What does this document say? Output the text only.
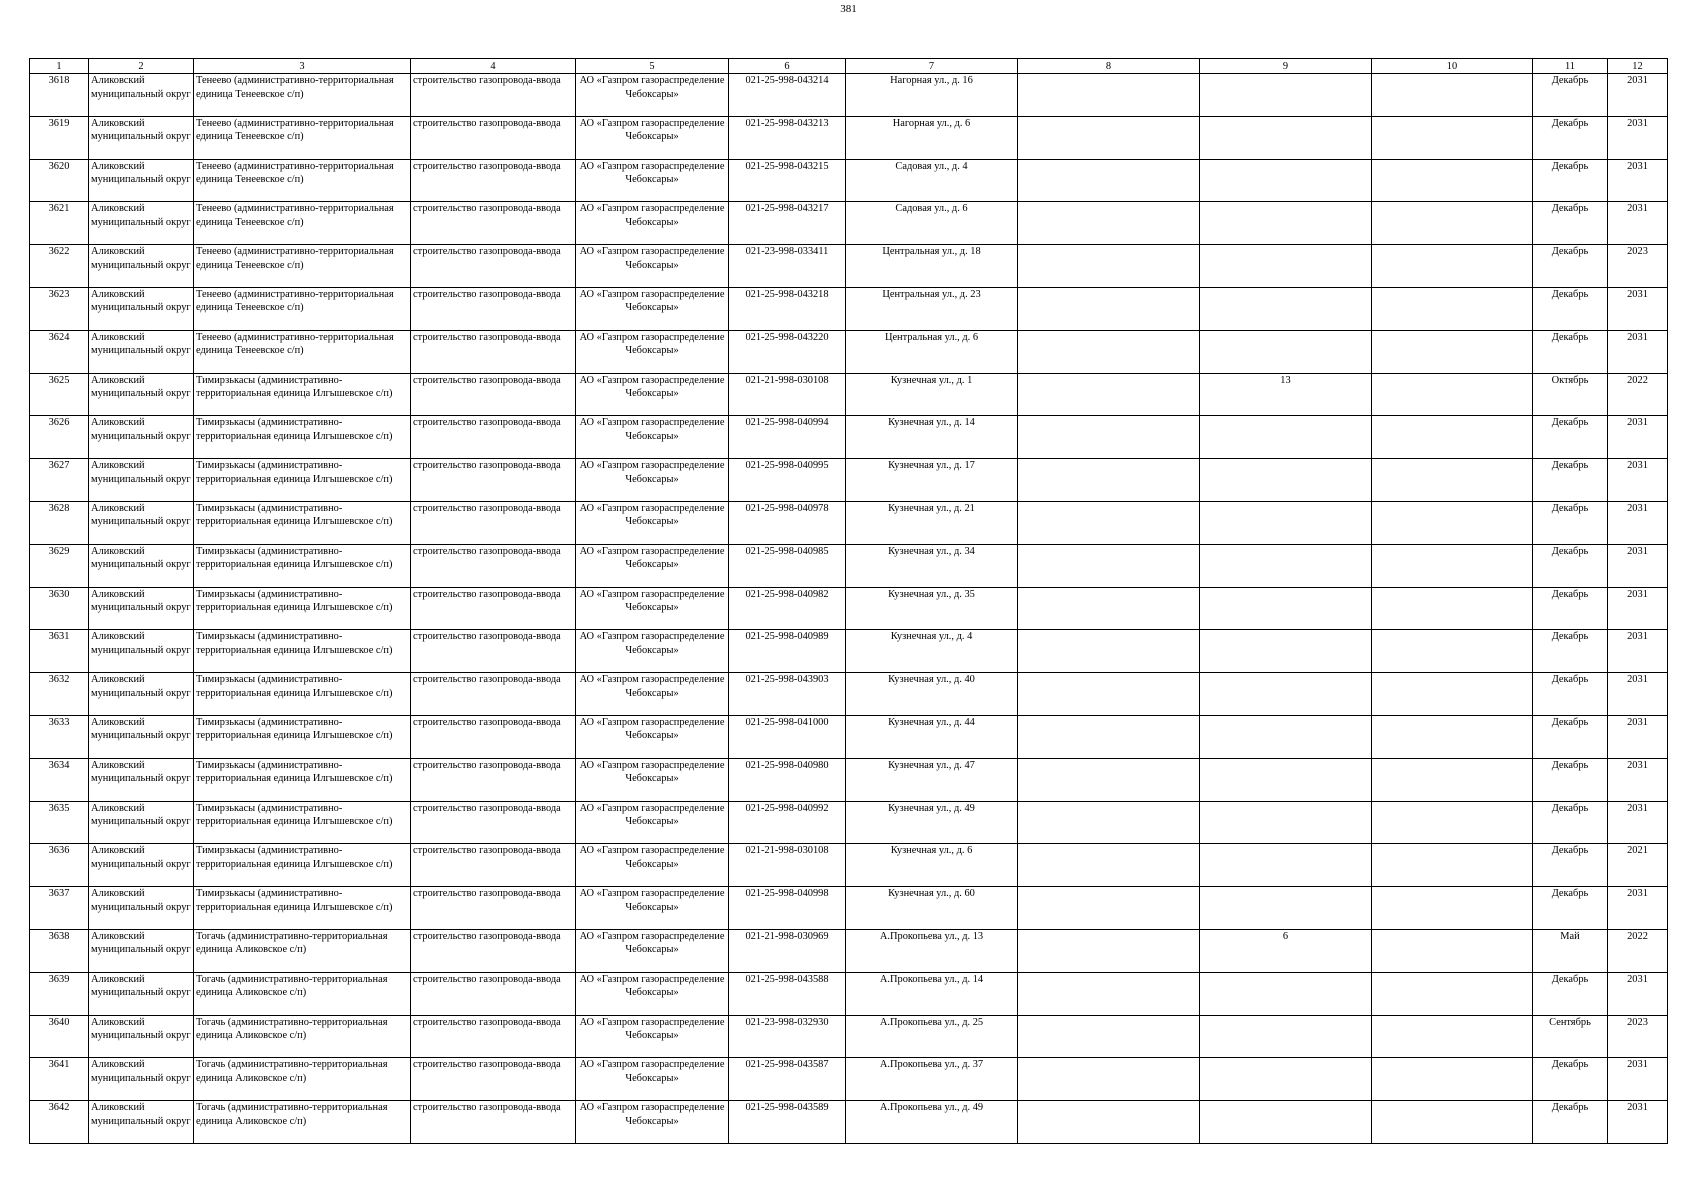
381
1	2	3	4	5	6	7	8	9	10	11	12

3618	Аликовский муниципальный округ	Тенеево (административно-территориальная единица Тенеевское с/п)	строительство газопровода-ввода	АО «Газпром газораспределение Чебоксары»	021-25-998-043214	Нагорная ул., д. 16				Декабрь	2031

3619	Аликовский муниципальный округ	Тенеево (административно-территориальная единица Тенеевское с/п)	строительство газопровода-ввода	АО «Газпром газораспределение Чебоксары»	021-25-998-043213	Нагорная ул., д. 6				Декабрь	2031

3620	Аликовский муниципальный округ	Тенеево (административно-территориальная единица Тенеевское с/п)	строительство газопровода-ввода	АО «Газпром газораспределение Чебоксары»	021-25-998-043215	Садовая ул., д. 4				Декабрь	2031

3621	Аликовский муниципальный округ	Тенеево (административно-территориальная единица Тенеевское с/п)	строительство газопровода-ввода	АО «Газпром газораспределение Чебоксары»	021-25-998-043217	Садовая ул., д. 6				Декабрь	2031

3622	Аликовский муниципальный округ	Тенеево (административно-территориальная единица Тенеевское с/п)	строительство газопровода-ввода	АО «Газпром газораспределение Чебоксары»	021-23-998-033411	Центральная ул., д. 18				Декабрь	2023

3623	Аликовский муниципальный округ	Тенеево (административно-территориальная единица Тенеевское с/п)	строительство газопровода-ввода	АО «Газпром газораспределение Чебоксары»	021-25-998-043218	Центральная ул., д. 23				Декабрь	2031

3624	Аликовский муниципальный округ	Тенеево (административно-территориальная единица Тенеевское с/п)	строительство газопровода-ввода	АО «Газпром газораспределение Чебоксары»	021-25-998-043220	Центральная ул., д. 6				Декабрь	2031

3625	Аликовский муниципальный округ	Тимирзькасы (административно-территориальная единица Илгышевское с/п)	строительство газопровода-ввода	АО «Газпром газораспределение Чебоксары»	021-21-998-030108	Кузнечная ул., д. 1		13		Октябрь	2022

3626	Аликовский муниципальный округ	Тимирзькасы (административно-территориальная единица Илгышевское с/п)	строительство газопровода-ввода	АО «Газпром газораспределение Чебоксары»	021-25-998-040994	Кузнечная ул., д. 14				Декабрь	2031

3627	Аликовский муниципальный округ	Тимирзькасы (административно-территориальная единица Илгышевское с/п)	строительство газопровода-ввода	АО «Газпром газораспределение Чебоксары»	021-25-998-040995	Кузнечная ул., д. 17				Декабрь	2031

3628	Аликовский муниципальный округ	Тимирзькасы (административно-территориальная единица Илгышевское с/п)	строительство газопровода-ввода	АО «Газпром газораспределение Чебоксары»	021-25-998-040978	Кузнечная ул., д. 21				Декабрь	2031

3629	Аликовский муниципальный округ	Тимирзькасы (административно-территориальная единица Илгышевское с/п)	строительство газопровода-ввода	АО «Газпром газораспределение Чебоксары»	021-25-998-040985	Кузнечная ул., д. 34				Декабрь	2031

3630	Аликовский муниципальный округ	Тимирзькасы (административно-территориальная единица Илгышевское с/п)	строительство газопровода-ввода	АО «Газпром газораспределение Чебоксары»	021-25-998-040982	Кузнечная ул., д. 35				Декабрь	2031

3631	Аликовский муниципальный округ	Тимирзькасы (административно-территориальная единица Илгышевское с/п)	строительство газопровода-ввода	АО «Газпром газораспределение Чебоксары»	021-25-998-040989	Кузнечная ул., д. 4				Декабрь	2031

3632	Аликовский муниципальный округ	Тимирзькасы (административно-территориальная единица Илгышевское с/п)	строительство газопровода-ввода	АО «Газпром газораспределение Чебоксары»	021-25-998-043903	Кузнечная ул., д. 40				Декабрь	2031

3633	Аликовский муниципальный округ	Тимирзькасы (административно-территориальная единица Илгышевское с/п)	строительство газопровода-ввода	АО «Газпром газораспределение Чебоксары»	021-25-998-041000	Кузнечная ул., д. 44				Декабрь	2031

3634	Аликовский муниципальный округ	Тимирзькасы (административно-территориальная единица Илгышевское с/п)	строительство газопровода-ввода	АО «Газпром газораспределение Чебоксары»	021-25-998-040980	Кузнечная ул., д. 47				Декабрь	2031

3635	Аликовский муниципальный округ	Тимирзькасы (административно-территориальная единица Илгышевское с/п)	строительство газопровода-ввода	АО «Газпром газораспределение Чебоксары»	021-25-998-040992	Кузнечная ул., д. 49				Декабрь	2031

3636	Аликовский муниципальный округ	Тимирзькасы (административно-территориальная единица Илгышевское с/п)	строительство газопровода-ввода	АО «Газпром газораспределение Чебоксары»	021-21-998-030108	Кузнечная ул., д. 6				Декабрь	2021

3637	Аликовский муниципальный округ	Тимирзькасы (административно-территориальная единица Илгышевское с/п)	строительство газопровода-ввода	АО «Газпром газораспределение Чебоксары»	021-25-998-040998	Кузнечная ул., д. 60				Декабрь	2031

3638	Аликовский муниципальный округ	Тогачь (административно-территориальная единица Аликовское с/п)	строительство газопровода-ввода	АО «Газпром газораспределение Чебоксары»	021-21-998-030969	А.Прокопьева ул., д. 13		6		Май	2022

3639	Аликовский муниципальный округ	Тогачь (административно-территориальная единица Аликовское с/п)	строительство газопровода-ввода	АО «Газпром газораспределение Чебоксары»	021-25-998-043588	А.Прокопьева ул., д. 14				Декабрь	2031

3640	Аликовский муниципальный округ	Тогачь (административно-территориальная единица Аликовское с/п)	строительство газопровода-ввода	АО «Газпром газораспределение Чебоксары»	021-23-998-032930	А.Прокопьева ул., д. 25				Сентябрь	2023

3641	Аликовский муниципальный округ	Тогачь (административно-территориальная единица Аликовское с/п)	строительство газопровода-ввода	АО «Газпром газораспределение Чебоксары»	021-25-998-043587	А.Прокопьева ул., д. 37				Декабрь	2031

3642	Аликовский муниципальный округ	Тогачь (административно-территориальная единица Аликовское с/п)	строительство газопровода-ввода	АО «Газпром газораспределение Чебоксары»	021-25-998-043589	А.Прокопьева ул., д. 49				Декабрь	2031
